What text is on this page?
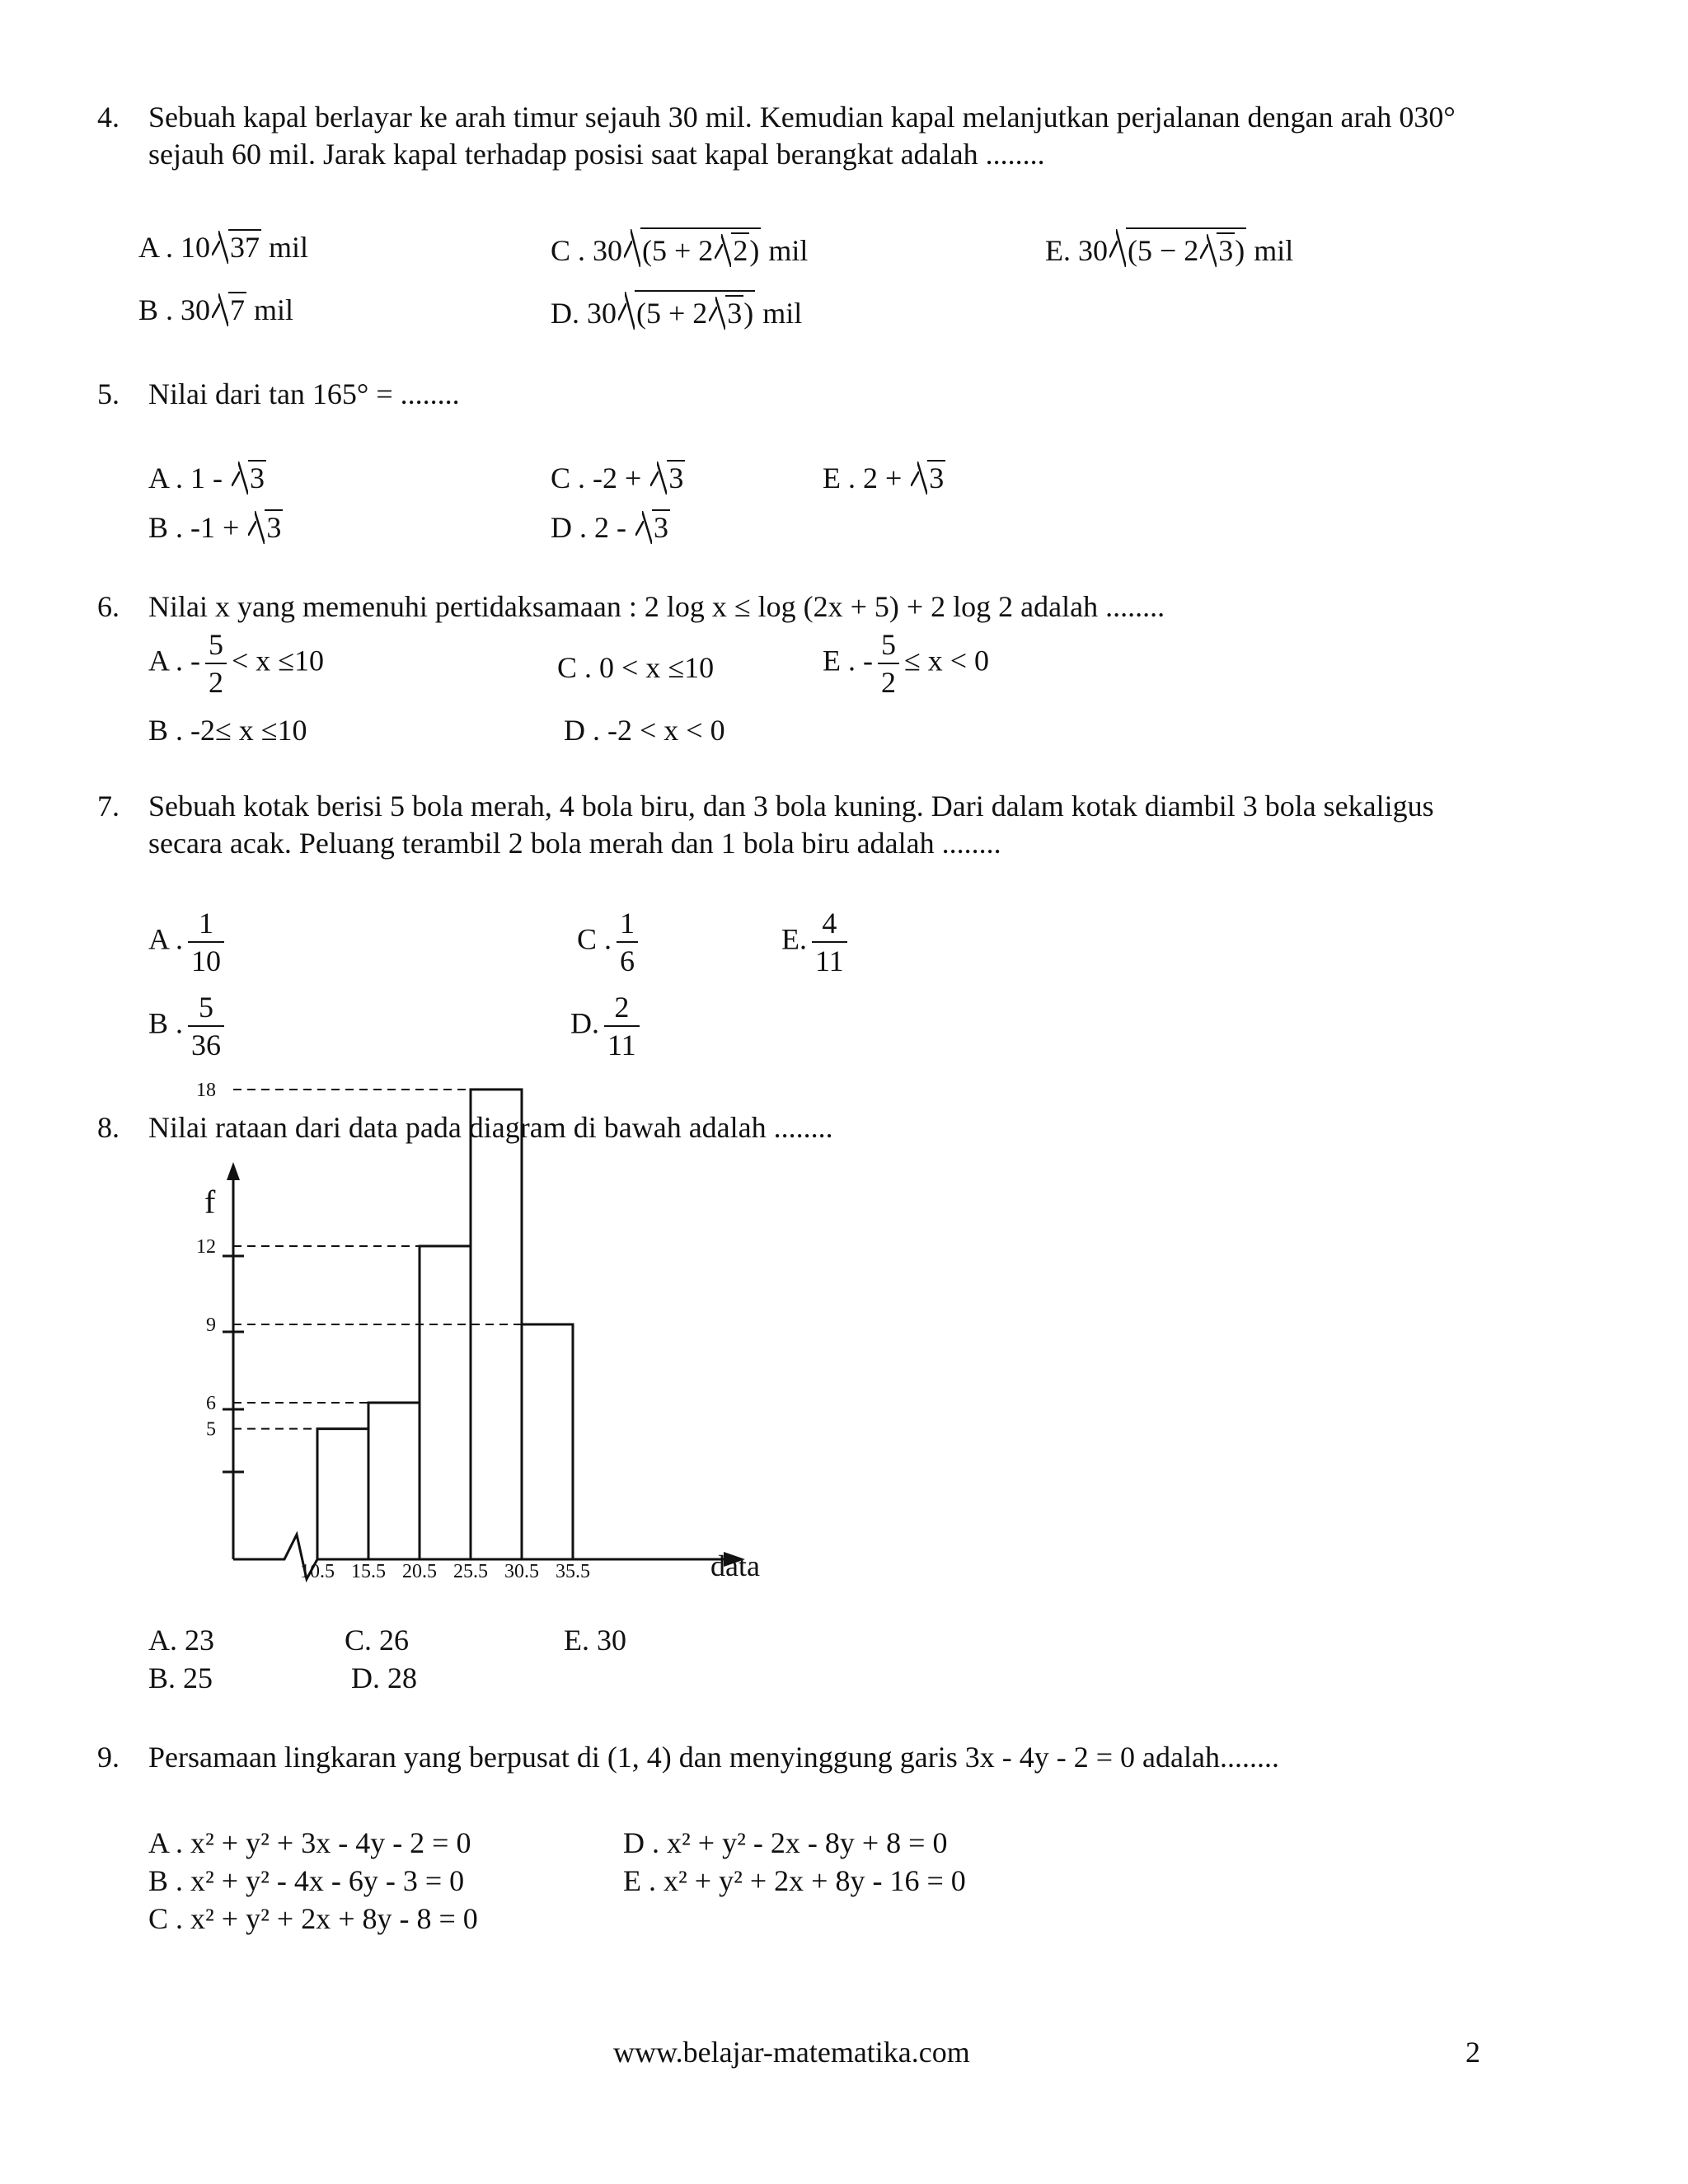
4. Sebuah kapal berlayar ke arah timur sejauh 30 mil. Kemudian kapal melanjutkan perjalanan dengan arah 030° sejauh 60 mil. Jarak kapal terhadap posisi saat kapal berangkat adalah ........
A . 10 37 mil	C . 30 (5 + 2 2) mil	E. 30 (5 − 2 3) mil
B . 30 7 mil	D. 30 (5 + 2 3) mil
5. Nilai dari tan 165° = ........
A . 1 - 3	C . -2 + 3	E . 2 + 3
B . -1 + 3	D . 2 - 3
6. Nilai x yang memenuhi pertidaksamaan : 2 log x ≤ log (2x + 5) + 2 log 2 adalah ........
A . - $\frac{5}{2} < x \le 10$	C . 0 < x ≤10	E . - $\frac{5}{2} \le x < 0$
B . -2≤ x ≤10	D . -2 < x < 0
7. Sebuah kotak berisi 5 bola merah, 4 bola biru, dan 3 bola kuning. Dari dalam kotak diambil 3 bola sekaligus secara acak. Peluang terambil 2 bola merah dan 1 bola biru adalah ........
A . $\frac{1}{10}$	C . $\frac{1}{6}$	E. $\frac{4}{11}$
B . $\frac{5}{36}$	D. $\frac{2}{11}$
8. Nilai rataan dari data pada diagram di bawah adalah ........
f
data
10.5 15.5 20.5 25.5 30.5 35.5
5
6
9
12
18
A. 23	C. 26	E. 30
B. 25	D. 28
9. Persamaan lingkaran yang berpusat di (1, 4) dan menyinggung garis 3x - 4y - 2 = 0 adalah........
A . x² + y² + 3x - 4y - 2 = 0	D . x² + y² - 2x - 8y + 8 = 0
B . x² + y² - 4x - 6y - 3 = 0	E . x² + y² + 2x + 8y - 16 = 0
C . x² + y² + 2x + 8y - 8 = 0
www.belajar-matematika.com	2
